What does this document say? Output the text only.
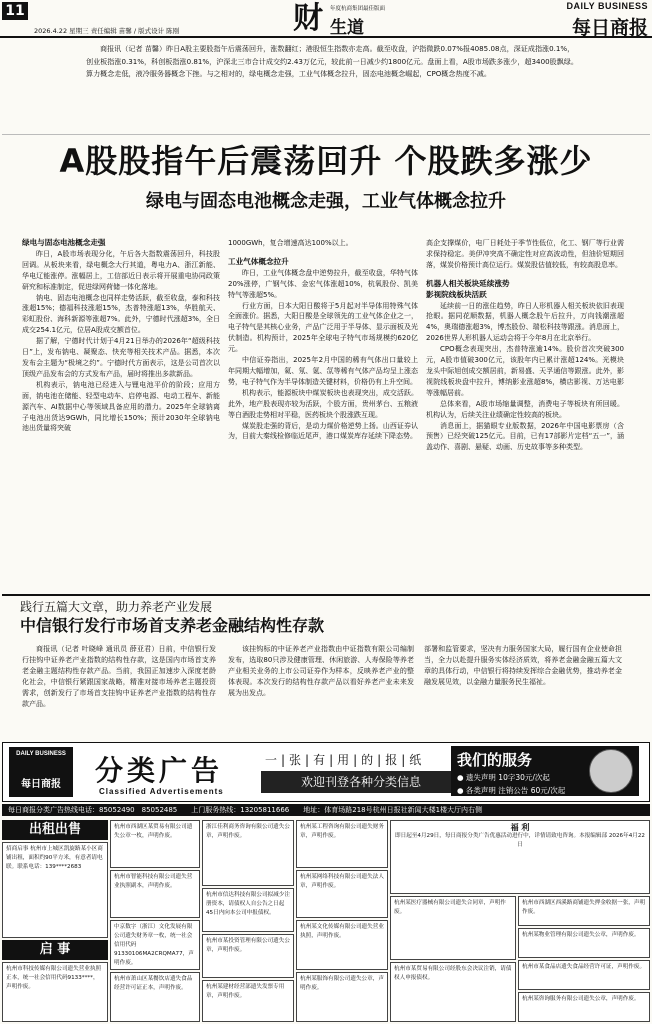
11
2026.4.22 星期三 责任编辑 苗馨 / 版式设计 陈刚	财 年度杭商集团最佳版面
生道
DAILY BUSINESS
每日商报

商报讯（记者 苗馨）昨日A股主要股指午后震荡回升，涨数翻红；港股恒生指数亦走高。截至收盘，沪指微跌0.07%报4085.08点，深证成指涨0.1%，创业板指涨0.31%，科创板指涨0.81%，沪深北三市合计成交约2.43万亿元，较此前一日减少约1800亿元。盘面上看，A股市场跌多涨少，超3400股飘绿。算力概念走低，液冷服务器概念下挫。与之相对的，绿电概念走强，工业气体概念拉升，固态电池概念崛起，CPO概念热度不减。

A股股指午后震荡回升 个股跌多涨少
绿电与固态电池概念走强，工业气体概念拉升
绿电与固态电池概念走强

昨日，A股市场表现分化，午后各大指数震荡回升，科技股回调。从板块来看，绿电概念大行其道，粤电力A、浙江新能、华电辽能涨停。涨幅居上，工信部近日表示将开展重电协同政策研究和标准制定，促进绿网荷储一体化落地。

钠电、固态电池概念也同样走势活跃，截至收盘，泰和科技涨超15%；德福科技涨超15%，杰普特涨超13%，华胜航天、彩虹股份、海科新源等涨超7%。此外，宁德时代涨超3%，全日成交254.1亿元，位居A股成交额首位。

据了解，宁德时代计划于4月21日举办的2026年“超级科技日”上，发布钠电、凝聚态、快充等相关技术产品。据悉，本次发布会主题为“极境之约”。宁德时代方面表示，这是公司首次以顶级产品发布会的方式发布产品，届时将推出多款新品。

机构表示，钠电池已经进入与锂电池平价的阶段；应用方面，钠电池在储能、轻型电动车、启停电源、电动工程车、新能源汽车、AI数据中心等领域具备应用的潜力。2025年全球钠离子电池出货达9GWh，同比增长150%；预计2030年全球钠电池出货量将突破

1000GWh，复合增速高达100%以上。

工业气体概念拉升

昨日，工业气体概念盘中逆势拉升，截至收盘，华特气体20%涨停，广钢气体、金宏气体涨超10%，杭氧股份、凯美特气等涨超5%。

行业方面，日本大阳日酸将于5月起对半导体用特殊气体全面涨价。据悉，大阳日酸是全球领先的工业气体企业之一，电子特气是其核心业务，产品广泛用于半导体、显示面板及光伏制造。机构预计，2025年全球电子特气市场规模约620亿元。

中信证券指出，2025年2月中国的稀有气体出口量较上年同期大幅增加，氦、氖、氪、氙等稀有气体产品均呈上涨态势，电子特气作为半导体制造关键材料，价格仍有上升空间。

机构表示，能源板块中煤炭板块也表现突出，成交活跃。此外，地产股表现亦较为活跃，个股方面，贵州茅台、五粮液等白酒股走势相对平稳，医药板块个股涨跌互现。

煤炭股走强的背后，是动力煤价格逆势上扬。山西证券认为，目前大秦线检修临近尾声，港口煤炭库存延续下降态势。

高企支撑煤价，电厂日耗处于季节性低位，化工、钢厂等行业需求保持稳定。美伊冲突高不确定性对应高波动性，但油价短期回落，煤炭价格预计高位运行。煤炭股估值较低，有较高股息率。

机器人相关板块延续涨势
影视院线板块活跃

延续前一日的涨住趋势，昨日人形机器人相关板块依旧表现抢眼。据同花顺数据，机器人概念股午后拉升，万向钱潮涨超4%，奥瑞德涨超3%，博杰股份、瑞松科技等跟涨。消息面上，2026世界人形机器人运动会将于今年8月在北京举行。

CPO概念表现突出，杰普特涨逾14%。股价首次突破300元，A股市值破300亿元，该股年内已累计涨超124%。光模块龙头中际旭创成交额居前，新易盛、天孚通信等跟涨。此外，影视院线板块盘中拉升，博纳影业涨超8%，横店影视、万达电影等涨幅居前。

总体来看，A股市场缩量调整，消费电子等板块有所回暖。机构认为，后续关注业绩确定性较高的板块。

消息面上，据猫眼专业版数据，2026年中国电影票房（含预售）已经突破125亿元。目前，已有17部影片定档“五一”，涵盖动作、喜剧、悬疑、动画、历史故事等多种类型。

践行五篇大文章，助力养老产业发展
中信银行发行市场首支养老金融结构性存款

商报讯（记者 叶晓峰 通讯员 薛亚君）日前，中信银行发行挂钩中证养老产业指数的结构性存款，这是国内市场首支养老金融主题结构性存款产品。当前，我国正加速步入深度老龄化社会，中信银行紧跟国家战略，精准对接市场养老主题投资需求，创新发行了市场首支挂钩中证养老产业指数的结构性存款产品。

该挂钩标的中证养老产业指数由中证指数有限公司编制发布，选取80只涉及健康管理、休闲旅游、人寿保险等养老产业相关业务的上市公司证券作为样本，反映养老产业的整体表现。本次发行的结构性存款产品以看好养老产业未来发展为出发点。

部署和监管要求，坚决有力服务国家大局，履行国有企业使命担当，全力以赴提升服务实体经济质效，将养老金融金融五篇大文章的具体行动，中信银行将持续发挥综合金融优势，推动养老金融发展见效，以金融力量服务民生福祉。

DAILY BUSINESS
每日商报	分类广告
Classified Advertisements
一|张|有|用|的|报|纸
欢迎刊登各种分类信息
我们的服务
● 遗失声明 10字30元/次起
● 各类声明 注销公告 60元/次起
每日商报分类广告热线电话：85052490　85052485　　上门服务热线：13205811666　　地址：体育场路218号杭州日报社新闻大楼1楼大厅内右侧
出租出售
招商启事 杭州市上城区凯旋路某小区商铺出租，面积约90平方米，有意者请电联。联系电话：139****2683
启 事
杭州市科技传媒有限公司遗失营业执照正本，统一社会信用代码9133****，声明作废。
杭州市西湖区某贸易有限公司遗失公章一枚，声明作废。
杭州市智能科技有限公司遗失营业执照副本，声明作废。
中京数字（浙江）文化发展有限公司遗失财务章一枚，统一社会信用代码91330106MA2CRQMA77，声明作废。
杭州市萧山区某餐饮店遗失食品经营许可证正本，声明作废。
浙江佳利商务咨询有限公司遗失公章，声明作废。
杭州市信达科技有限公司拟减少注册资本，请债权人自公告之日起45日内向本公司申报债权。
杭州市某投资管理有限公司遗失公章，声明作废。
杭州某建材经营部遗失发票专用章，声明作废。
杭州某工程咨询有限公司遗失财务章，声明作废。
杭州某网络科技有限公司遗失法人章，声明作废。
杭州某文化传媒有限公司遗失营业执照，声明作废。
杭州某服饰有限公司遗失公章，声明作废。
福 利
即日起至4月29日，每日商报分类广告优惠活动进行中，详情请致电咨询。本报编辑部 2026年4月22日
杭州某医疗器械有限公司遗失合同章，声明作废。
杭州市某贸易有限公司经股东会决议注销，请债权人申报债权。
杭州市西湖区西溪路商铺遗失押金收据一张，声明作废。
杭州某物业管理有限公司遗失公章，声明作废。
杭州市某食品店遗失食品经营许可证，声明作废。
杭州某咨询服务有限公司遗失公章，声明作废。
